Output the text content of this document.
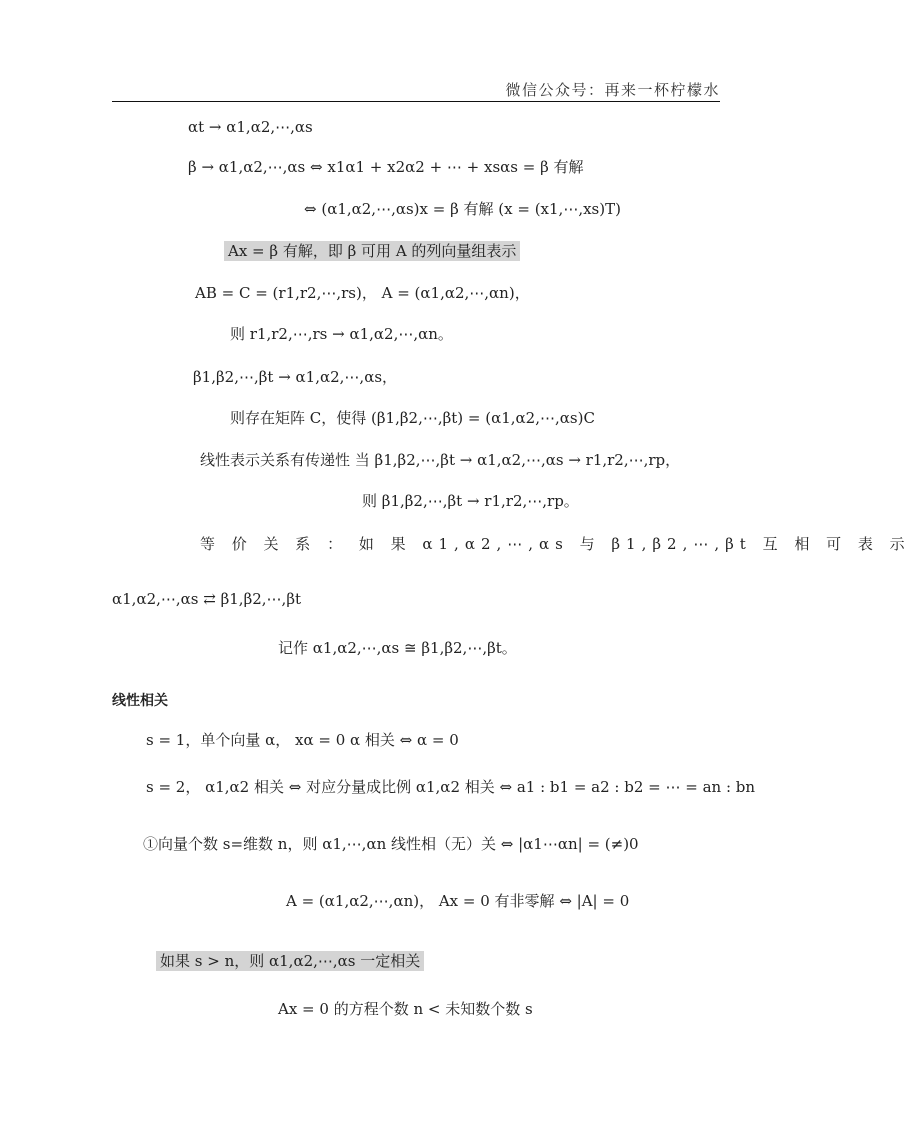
微信公众号：再来一杯柠檬水
αt → α1,α2,⋯,αs
β → α1,α2,⋯,αs ⇔ x1α1 + x2α2 + ⋯ + xsαs = β 有解
⇔ (α1,α2,⋯,αs)x = β 有解 (x = (x1,⋯,xs)T)
Ax = β 有解，即 β 可用 A 的列向量组表示
AB = C = (r1,r2,⋯,rs)， A = (α1,α2,⋯,αn)，
则 r1,r2,⋯,rs → α1,α2,⋯,αn。
β1,β2,⋯,βt → α1,α2,⋯,αs，
则存在矩阵 C，使得 (β1,β2,⋯,βt) = (α1,α2,⋯,αs)C
线性表示关系有传递性 当 β1,β2,⋯,βt → α1,α2,⋯,αs → r1,r2,⋯,rp，
则 β1,β2,⋯,βt → r1,r2,⋯,rp。
等 价 关 系 ： 如 果 α1,α2,⋯,αs 与 β1,β2,⋯,βt 互 相 可 表 示
α1,α2,⋯,αs ⇄ β1,β2,⋯,βt
记作 α1,α2,⋯,αs ≅ β1,β2,⋯,βt。
线性相关
s = 1，单个向量 α， xα = 0 α 相关 ⇔ α = 0
s = 2， α1,α2 相关 ⇔ 对应分量成比例 α1,α2 相关 ⇔ a1 : b1 = a2 : b2 = ⋯ = an : bn
①向量个数 s=维数 n，则 α1,⋯,αn 线性相（无）关 ⇔ |α1⋯αn| = (≠)0
A = (α1,α2,⋯,αn)， Ax = 0 有非零解 ⇔ |A| = 0
如果 s > n，则 α1,α2,⋯,αs 一定相关
Ax = 0 的方程个数 n < 未知数个数 s
